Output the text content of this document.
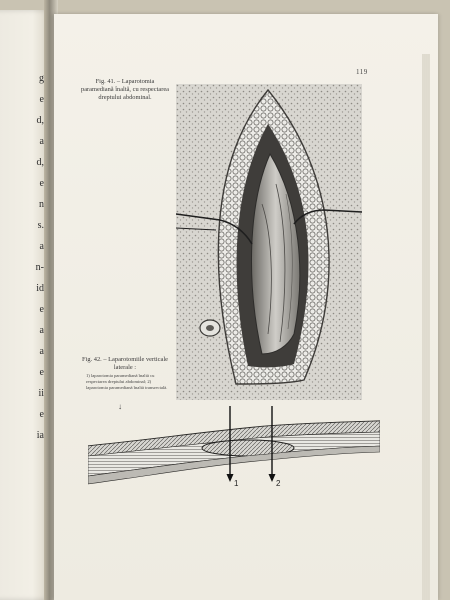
g
e
d,
a
d,
e
n
s.
a
n-
id
e
a
a
e
ii
e
ia
119
Fig. 41. – Laparotomia paramediană înaltă, cu respectarea dreptului abdominal.
Fig. 42. – Laparotomiile verticale laterale :
1) laparotomia paramediană înaltă cu respectarea dreptului abdominal; 2) laparotomia paramediană înaltă transrectală.
↓
1	2
